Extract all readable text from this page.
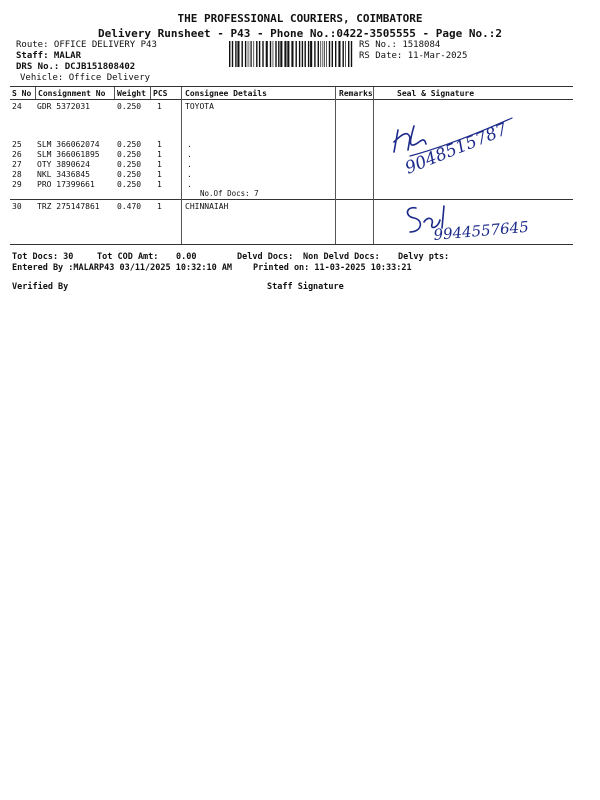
THE PROFESSIONAL COURIERS, COIMBATORE
Delivery Runsheet - P43 - Phone No.:0422-3505555 - Page No.:2
Route: OFFICE DELIVERY P43
Staff: MALAR
DRS No.: DCJB151808402
Vehicle: Office Delivery
RS No.: 1518084
RS Date: 11-Mar-2025
S No Consignment No Weight PCS Consignee Details	Remarks	Seal & Signature
24 GDR 5372031	0.250 1	TOYOTA
25 SLM 366062074 0.250 1	.
26 SLM 366061895 0.250 1	.
27 OTY 3890624	0.250 1	.
28 NKL 3436845	0.250 1	.
29 PRO 17399661	0.250 1	.
No.Of Docs: 7
30 TRZ 275147861 0.470 1	CHINNAIAH
9048515787
9944557645
Tot Docs: 30	Tot COD Amt: 0.00	Delvd Docs: Non Delvd Docs: Delvy pts:
Entered By :MALARP43 03/11/2025 10:32:10 AM Printed on: 11-03-2025 10:33:21
Verified By	Staff Signature
